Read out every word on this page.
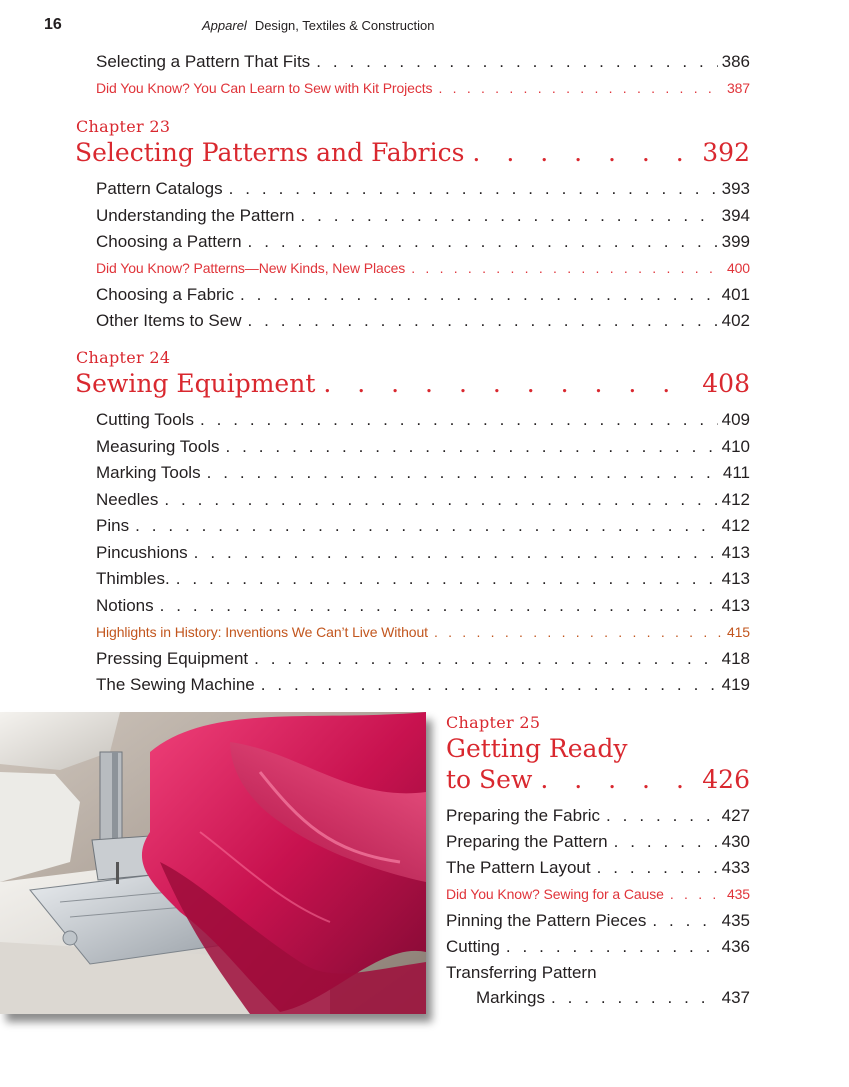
16	Apparel Design, Textiles & Construction
Selecting a Pattern That Fits . . .	386
Did You Know? You Can Learn to Sew with Kit Projects . . .	387
Chapter 23
Selecting Patterns and Fabrics . . .	392
Pattern Catalogs . . .	393
Understanding the Pattern . . .	394
Choosing a Pattern . . .	399
Did You Know? Patterns—New Kinds, New Places . . .	400
Choosing a Fabric . . .	401
Other Items to Sew . . .	402
Chapter 24
Sewing Equipment . . .	408
Cutting Tools . . .	409
Measuring Tools . . .	410
Marking Tools . . .	411
Needles . . .	412
Pins . . .	412
Pincushions . . .	413
Thimbles. . . .	413
Notions . . .	413
Highlights in History: Inventions We Can’t Live Without . . .	415
Pressing Equipment . . .	418
The Sewing Machine . . .	419
Chapter 25
Getting Ready
to Sew . . .	426
Preparing the Fabric . . .	427
Preparing the Pattern . . .	430
The Pattern Layout . . .	433
Did You Know? Sewing for a Cause . . .	435
Pinning the Pattern Pieces . . .	435
Cutting . . .	436
Transferring Pattern
Markings . . .	437
